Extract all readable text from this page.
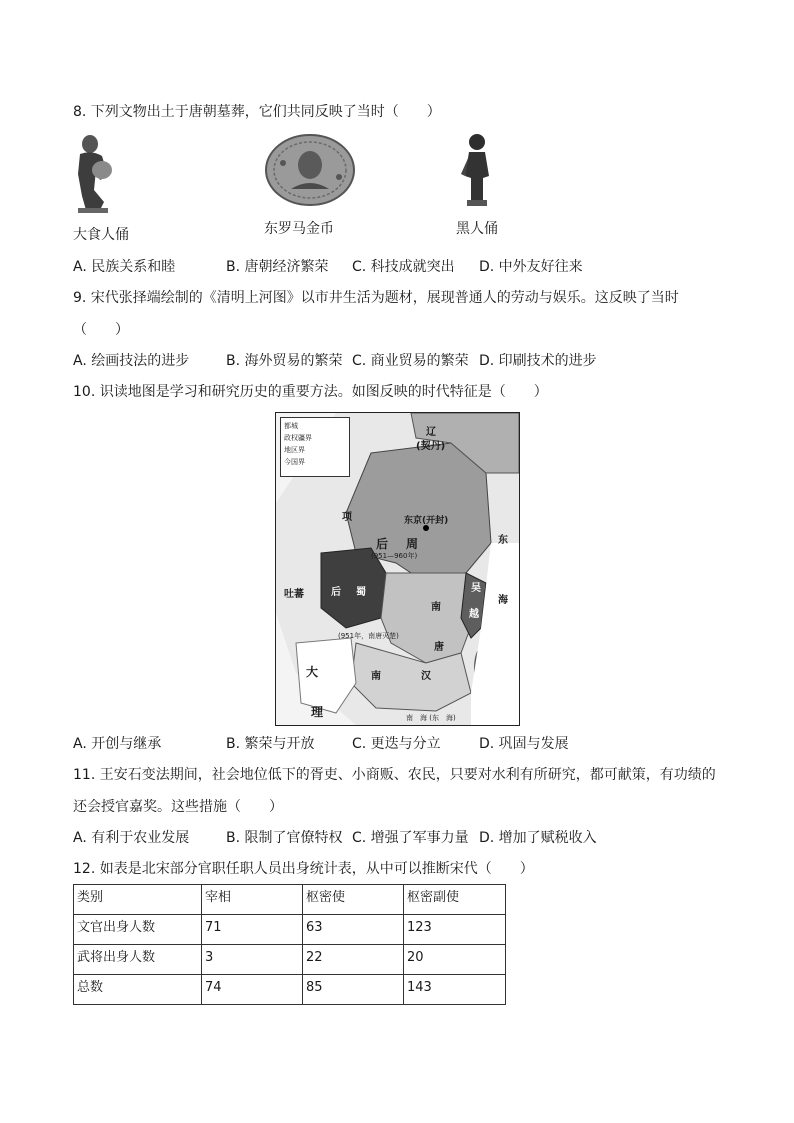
8. 下列文物出土于唐朝墓葬，它们共同反映了当时（　　）
大食人俑	东罗马金币	黑人俑
A. 民族关系和睦	B. 唐朝经济繁荣 C. 科技成就突出 D. 中外友好往来
9. 宋代张择端绘制的《清明上河图》以市井生活为题材，展现普通人的劳动与娱乐。这反映了当时
（　　）
A. 绘画技法的进步	B. 海外贸易的繁荣 C. 商业贸易的繁荣 D. 印刷技术的进步
10. 识读地图是学习和研究历史的重要方法。如图反映的时代特征是（　　）
都城
政权疆界
地区界
今国界
辽
(契丹)
东京(开封)
后 周
(951—960年)
后 蜀
吐蕃
南
唐
南	汉
大
理
吴
越
东
海
项
(951年，南唐灭楚)
南　海 (东　海)
A. 开创与继承	B. 繁荣与开放	C. 更迭与分立	D. 巩固与发展
11. 王安石变法期间，社会地位低下的胥吏、小商贩、农民，只要对水利有所研究，都可献策，有功绩的
还会授官嘉奖。这些措施（　　）
A. 有利于农业发展	B. 限制了官僚特权 C. 增强了军事力量 D. 增加了赋税收入
12. 如表是北宋部分官职任职人员出身统计表，从中可以推断宋代（　　）
类别	宰相	枢密使	枢密副使
文官出身人数	71	63	123
武将出身人数	3	22	20
总数	74	85	143
